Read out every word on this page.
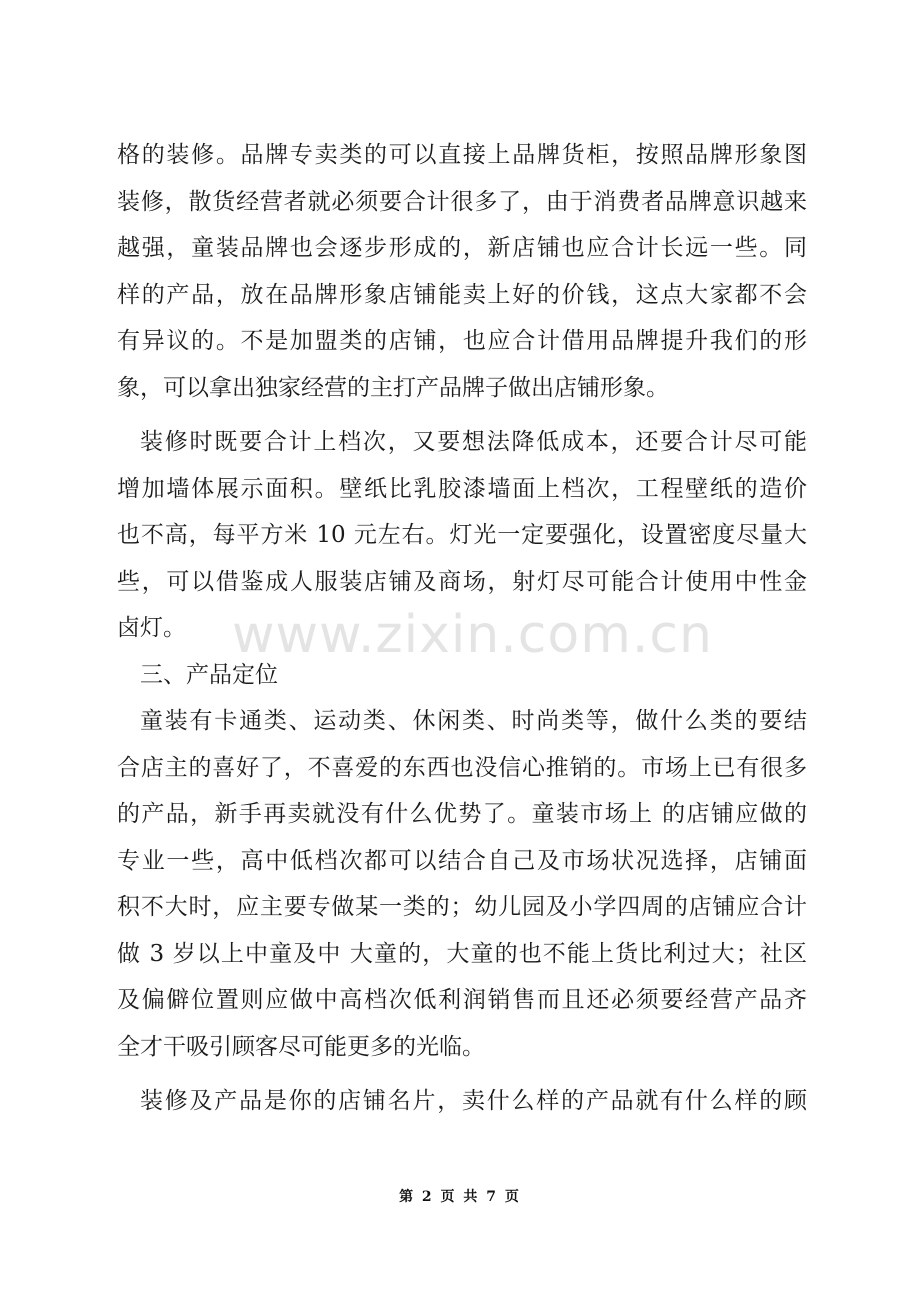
格的装修。品牌专卖类的可以直接上品牌货柜，按照品牌形象图
装修，散货经营者就必须要合计很多了，由于消费者品牌意识越来
越强，童装品牌也会逐步形成的，新店铺也应合计长远一些。同
样的产品，放在品牌形象店铺能卖上好的价钱，这点大家都不会
有异议的。不是加盟类的店铺，也应合计借用品牌提升我们的形
象，可以拿出独家经营的主打产品牌子做出店铺形象。
装修时既要合计上档次，又要想法降低成本，还要合计尽可能
增加墙体展示面积。壁纸比乳胶漆墙面上档次，工程壁纸的造价
也不高，每平方米 10 元左右。灯光一定要强化，设置密度尽量大
些，可以借鉴成人服装店铺及商场，射灯尽可能合计使用中性金
卤灯。
三、产品定位
童装有卡通类、运动类、休闲类、时尚类等，做什么类的要结
合店主的喜好了，不喜爱的东西也没信心推销的。市场上已有很多
的产品，新手再卖就没有什么优势了。童装市场上 的店铺应做的
专业一些，高中低档次都可以结合自己及市场状况选择，店铺面
积不大时，应主要专做某一类的；幼儿园及小学四周的店铺应合计
做 3 岁以上中童及中 大童的，大童的也不能上货比利过大；社区
及偏僻位置则应做中高档次低利润销售而且还必须要经营产品齐
全才干吸引顾客尽可能更多的光临。
装修及产品是你的店铺名片，卖什么样的产品就有什么样的顾
www.zixin.com.cn
第 2 页 共 7 页
